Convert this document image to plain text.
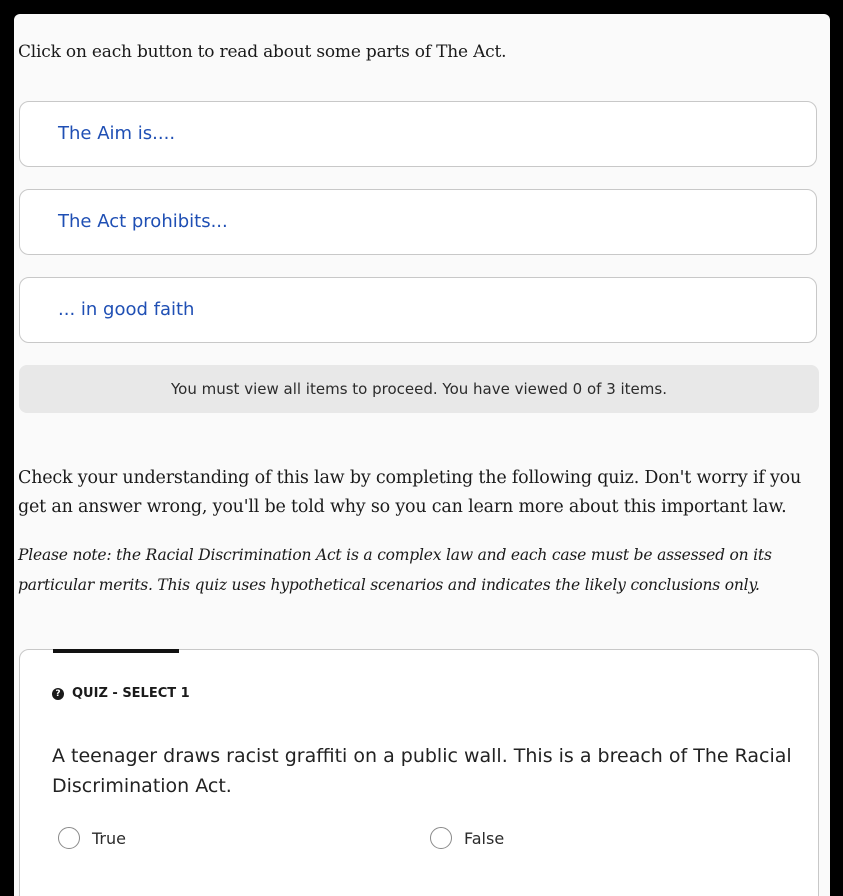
Click on each button to read about some parts of The Act.
The Aim is....
The Act prohibits...
... in good faith
You must view all items to proceed. You have viewed 0 of 3 items.
Check your understanding of this law by completing the following quiz. Don't worry if you get an answer wrong, you'll be told why so you can learn more about this important law.
Please note: the Racial Discrimination Act is a complex law and each case must be assessed on its particular merits. This quiz uses hypothetical scenarios and indicates the likely conclusions only.
? QUIZ - SELECT 1
A teenager draws racist graffiti on a public wall. This is a breach of The Racial Discrimination Act.
True	False
